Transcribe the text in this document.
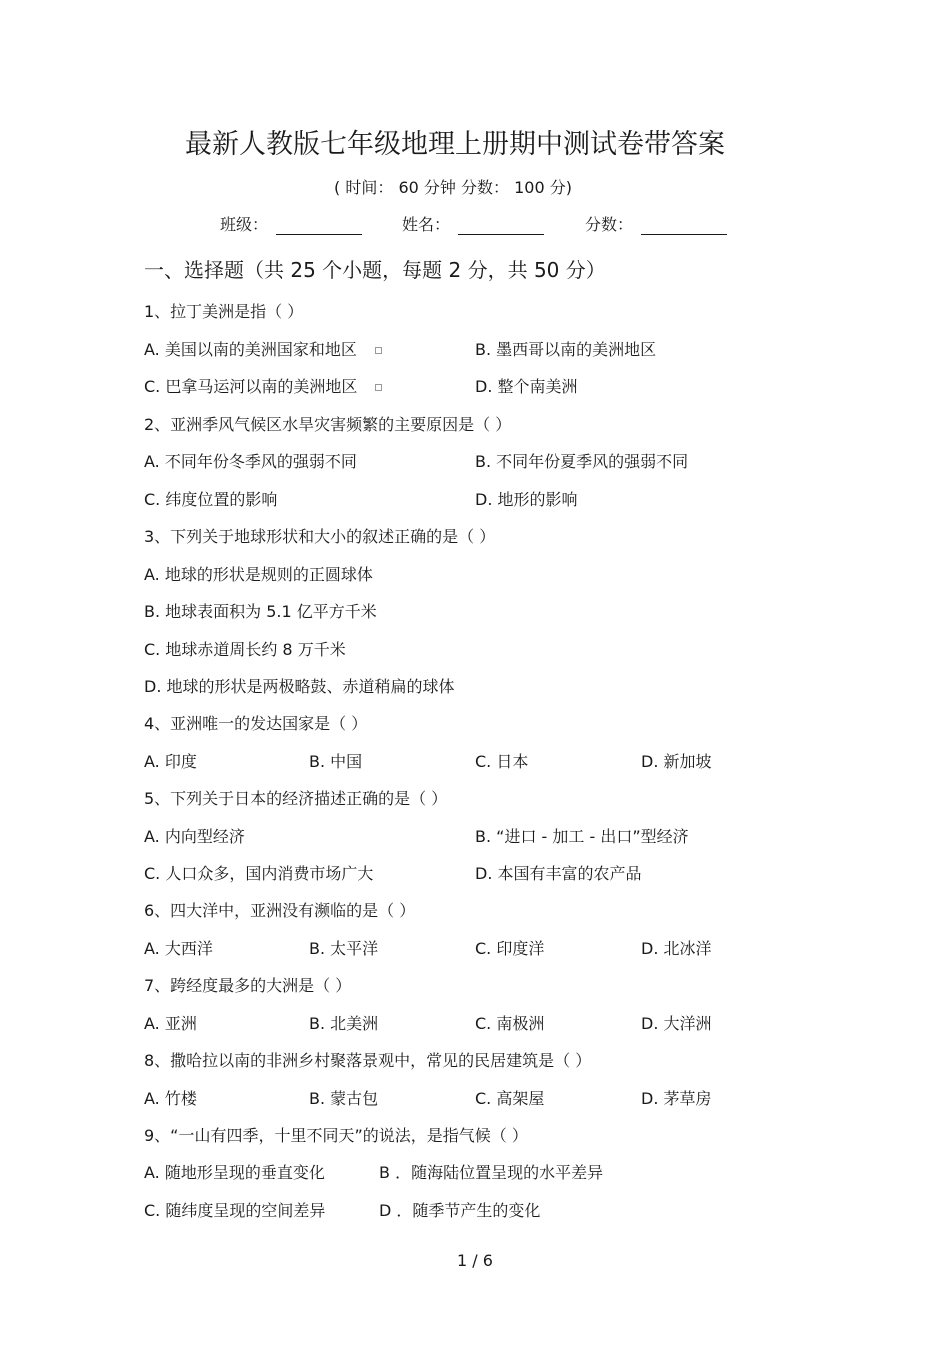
最新人教版七年级地理上册期中测试卷带答案
( 时间： 60 分钟 分数： 100 分)
班级：	姓名：	分数：
一、选择题（共 25 个小题，每题 2 分，共 50 分）
1、拉丁美洲是指（ ）
A. 美国以南的美洲国家和地区	B. 墨西哥以南的美洲地区
C. 巴拿马运河以南的美洲地区	D. 整个南美洲
2、亚洲季风气候区水旱灾害频繁的主要原因是（ ）
A. 不同年份冬季风的强弱不同	B. 不同年份夏季风的强弱不同
C. 纬度位置的影响	D. 地形的影响
3、下列关于地球形状和大小的叙述正确的是（ ）
A. 地球的形状是规则的正圆球体
B. 地球表面积为 5.1 亿平方千米
C. 地球赤道周长约 8 万千米
D. 地球的形状是两极略鼓、赤道稍扁的球体
4、亚洲唯一的发达国家是（ ）
A. 印度	B. 中国	C. 日本	D. 新加坡
5、下列关于日本的经济描述正确的是（ ）
A. 内向型经济	B. “进口 - 加工 - 出口”型经济
C. 人口众多，国内消费市场广大	D. 本国有丰富的农产品
6、四大洋中，亚洲没有濒临的是（ ）
A. 大西洋	B. 太平洋	C. 印度洋	D. 北冰洋
7、跨经度最多的大洲是（ ）
A. 亚洲	B. 北美洲	C. 南极洲	D. 大洋洲
8、撒哈拉以南的非洲乡村聚落景观中，常见的民居建筑是（ ）
A. 竹楼	B. 蒙古包	C. 高架屋	D. 茅草房
9、“一山有四季，十里不同天”的说法，是指气候（ ）
A. 随地形呈现的垂直变化	B ．随海陆位置呈现的水平差异
C. 随纬度呈现的空间差异	D ．随季节产生的变化
1 / 6
